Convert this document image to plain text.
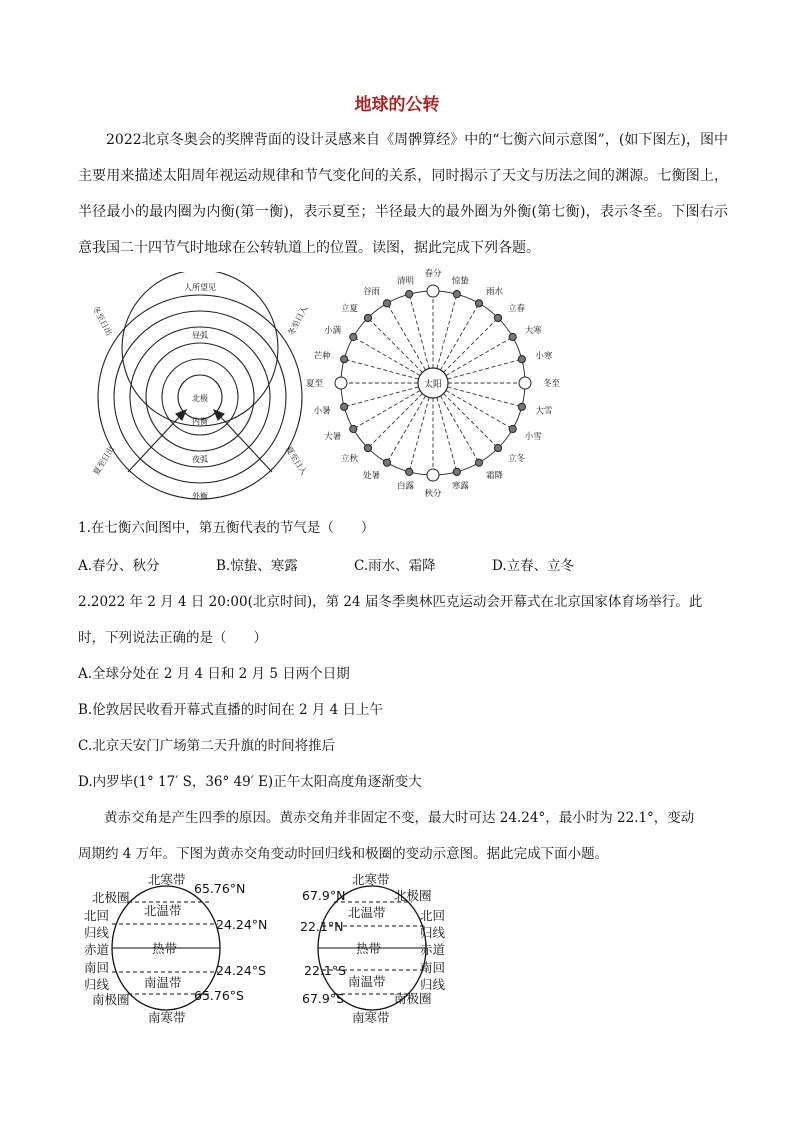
地球的公转

2022北京冬奥会的奖牌背面的设计灵感来自《周髀算经》中的“七衡六间示意图”，(如下图左)，图中主要用来描述太阳周年视运动规律和节气变化间的关系，同时揭示了天文与历法之间的渊源。七衡图上，半径最小的最内圈为内衡(第一衡)，表示夏至；半径最大的最外圈为外衡(第七衡)，表示冬至。下图右示意我国二十四节气时地球在公转轨道上的位置。读图，据此完成下列各题。

人所望见
昼弧
北极
内衡
夜弧
外衡
冬至日出	冬至日入
夏至日出	夏至日入
太阳
春分
惊蛰
雨水
立春
大寒
小寒
冬至
大雪
小雪
立冬
霜降
寒露
秋分
白露
处暑
立秋
大暑
小暑
夏至
芒种
小满
立夏
谷雨
清明

1.在七衡六间图中，第五衡代表的节气是（　　）

A.春分、秋分	B.惊蛰、寒露	C.雨水、霜降	D.立春、立冬

2.2022 年 2 月 4 日 20:00(北京时间)，第 24 届冬季奥林匹克运动会开幕式在北京国家体育场举行。此

时，下列说法正确的是（　　）

A.全球分处在 2 月 4 日和 2 月 5 日两个日期

B.伦敦居民收看开幕式直播的时间在 2 月 4 日上午

C.北京天安门广场第二天升旗的时间将推后

D.内罗毕(1° 17′ S，36° 49′ E)正午太阳高度角逐渐变大

黄赤交角是产生四季的原因。黄赤交角并非固定不变，最大时可达 24.24°，最小时为 22.1°，变动

周期约 4 万年。下图为黄赤交角变动时回归线和极圈的变动示意图。据此完成下面小题。

北寒带
北极圈
北温带
北回
归线
赤道	热带
南回
归线	南温带
南极圈
南寒带
65.76°N
24.24°N
24.24°S
65.76°S
北寒带
67.9°N	北极圈
北温带	北回
22.1°N	归线
热带	赤道
南回
22.1°S
南温带	归线
67.9°S	南极圈
南寒带
